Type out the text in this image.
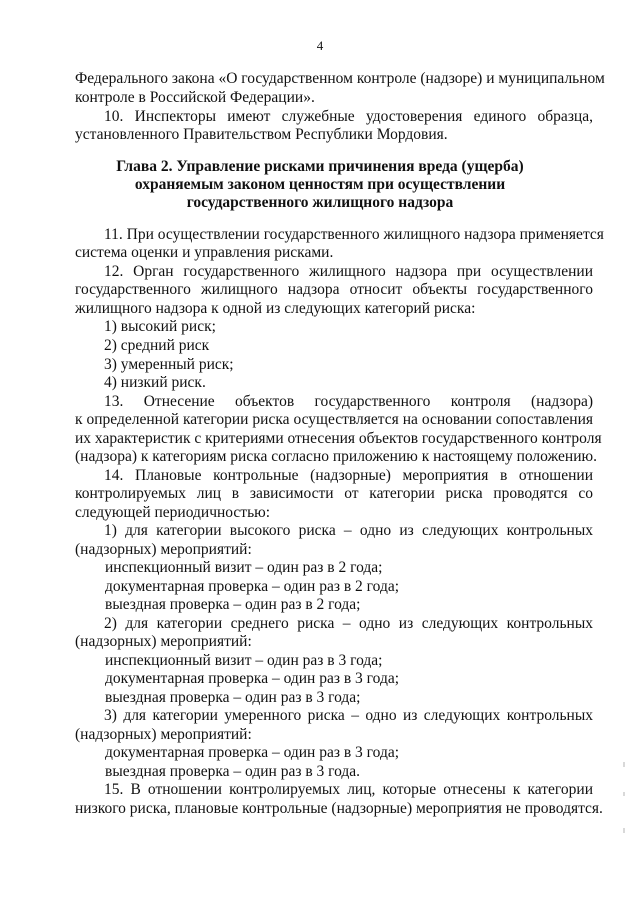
4
Федерального закона «О государственном контроле (надзоре) и муниципальном
контроле в Российской Федерации».
10. Инспекторы имеют служебные удостоверения единого образца,
установленного Правительством Республики Мордовия.
Глава 2. Управление рисками причинения вреда (ущерба)
охраняемым законом ценностям при осуществлении
государственного жилищного надзора
11. При осуществлении государственного жилищного надзора применяется
система оценки и управления рисками.
12. Орган государственного жилищного надзора при осуществлении
государственного жилищного надзора относит объекты государственного
жилищного надзора к одной из следующих категорий риска:
1) высокий риск;
2) средний риск
3) умеренный риск;
4) низкий риск.
13. Отнесение объектов государственного контроля (надзора)
к определенной категории риска осуществляется на основании сопоставления
их характеристик с критериями отнесения объектов государственного контроля
(надзора) к категориям риска согласно приложению к настоящему положению.
14. Плановые контрольные (надзорные) мероприятия в отношении
контролируемых лиц в зависимости от категории риска проводятся со
следующей периодичностью:
1) для категории высокого риска – одно из следующих контрольных
(надзорных) мероприятий:
инспекционный визит – один раз в 2 года;
документарная проверка – один раз в 2 года;
выездная проверка – один раз в 2 года;
2) для категории среднего риска – одно из следующих контрольных
(надзорных) мероприятий:
инспекционный визит – один раз в 3 года;
документарная проверка – один раз в 3 года;
выездная проверка – один раз в 3 года;
3) для категории умеренного риска – одно из следующих контрольных
(надзорных) мероприятий:
документарная проверка – один раз в 3 года;
выездная проверка – один раз в 3 года.
15. В отношении контролируемых лиц, которые отнесены к категории
низкого риска, плановые контрольные (надзорные) мероприятия не проводятся.
